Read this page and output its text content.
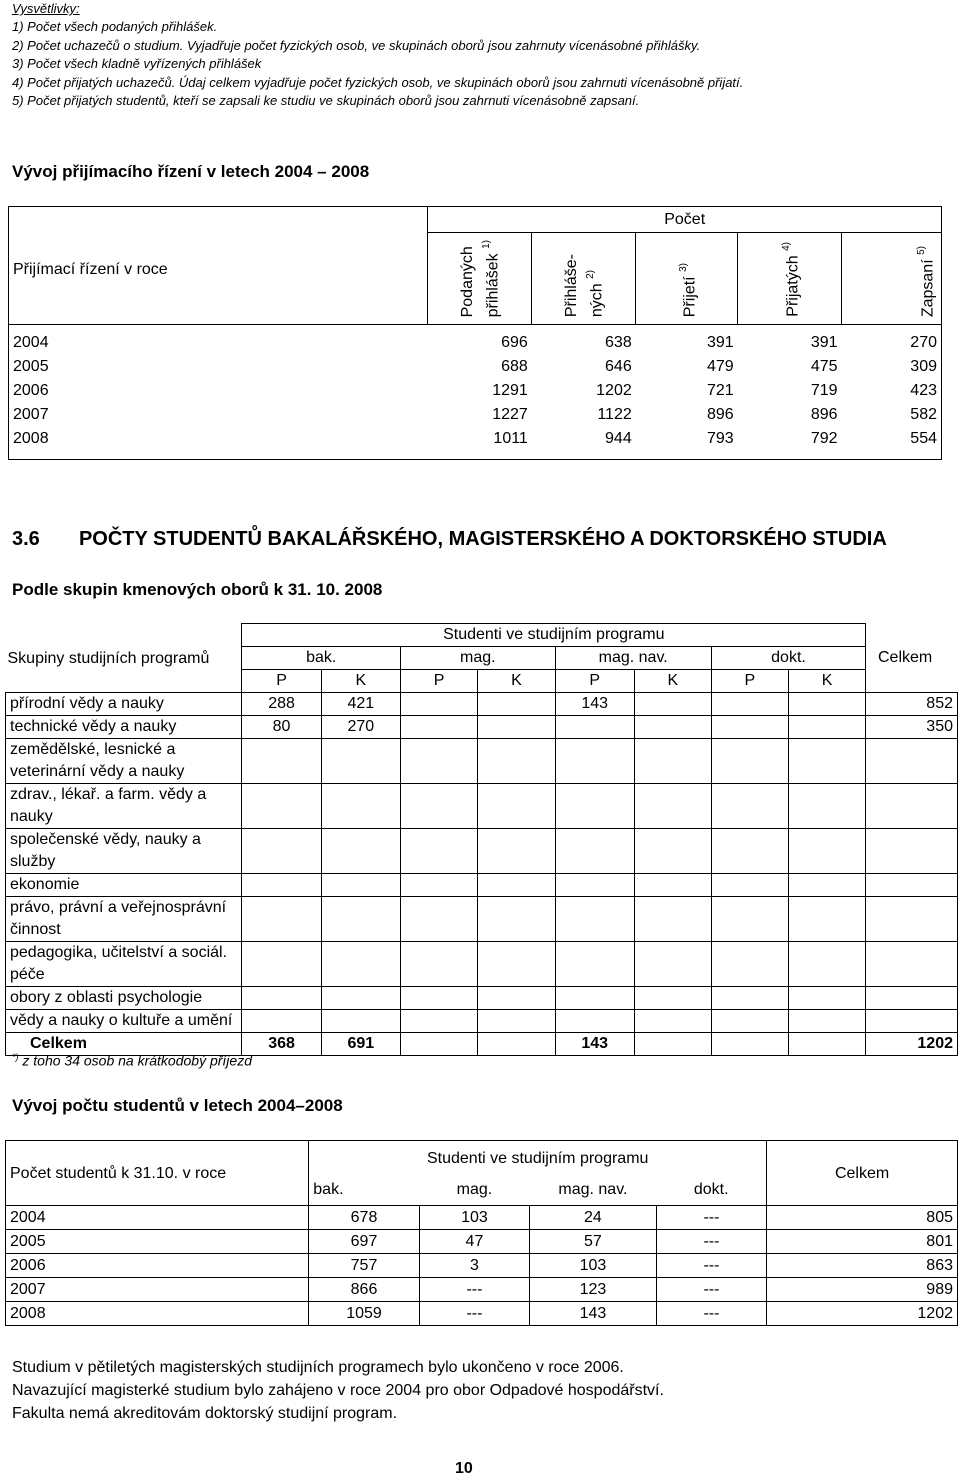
Vysvětlivky:
1) Počet všech podaných přihlášek.
2) Počet uchazečů o studium. Vyjadřuje počet fyzických osob, ve skupinách oborů jsou zahrnuty vícenásobné přihlášky.
3) Počet všech kladně vyřízených přihlášek
4) Počet přijatých uchazečů. Údaj celkem vyjadřuje počet fyzických osob, ve skupinách oborů jsou zahrnuti vícenásobně přijatí.
5) Počet přijatých studentů, kteří se zapsali ke studiu ve skupinách oborů jsou zahrnuti vícenásobně zapsaní.
Vývoj přijímacího řízení v letech 2004 – 2008
Přijímací řízení v roce	Počet				
	Podaných přihlášek $^{1)}$	Přihláše- ných $^{2)}$	Přijetí $^{3)}$	Přijatých $^{4)}$	Zapsaní $^{5)}$
2004	696	638	391	391	270
2005	688	646	479	475	309
2006	1291	1202	721	719	423
2007	1227	1122	896	896	582
2008	1011	944	793	792	554
3.6 POČTY STUDENTŮ BAKALÁŘSKÉHO, MAGISTERSKÉHO A DOKTORSKÉHO STUDIA
Podle skupin kmenových oborů k 31. 10. 2008
Skupiny studijních programů	Studenti ve studijním programu								
	bak.		mag.		mag. nav.		dokt.		
	P	K	P	K	P	K	P	K	
přírodní vědy a nauky	288	421			143				852
technické vědy a nauky	80	270							350
zemědělské, lesnické a veterinární vědy a nauky									
zdrav., lékař. a farm. vědy a nauky									
společenské vědy, nauky a služby									
ekonomie									
právo, právní a veřejnosprávní činnost									
pedagogika, učitelství a sociál. péče									
obory z oblasti psychologie									
vědy a nauky o kultuře a umění									
Celkem	368	691			143				1202
Celkem
*) z toho 34 osob na krátkodobý příjezd
Vývoj počtu studentů v letech 2004–2008
Počet studentů k 31.10. v roce	Studenti ve studijním programu				Celkem
	bak.	mag.	mag. nav.	dokt.	
2004	678	103	24	---	805
2005	697	47	57	---	801
2006	757	3	103	---	863
2007	866	---	123	---	989
2008	1059	---	143	---	1202
Studium v pětiletých magisterských studijních programech bylo ukončeno v roce 2006.
Navazující magisterké studium bylo zahájeno v roce 2004 pro obor Odpadové hospodářství.
Fakulta nemá akreditovám doktorský studijní program.
10
